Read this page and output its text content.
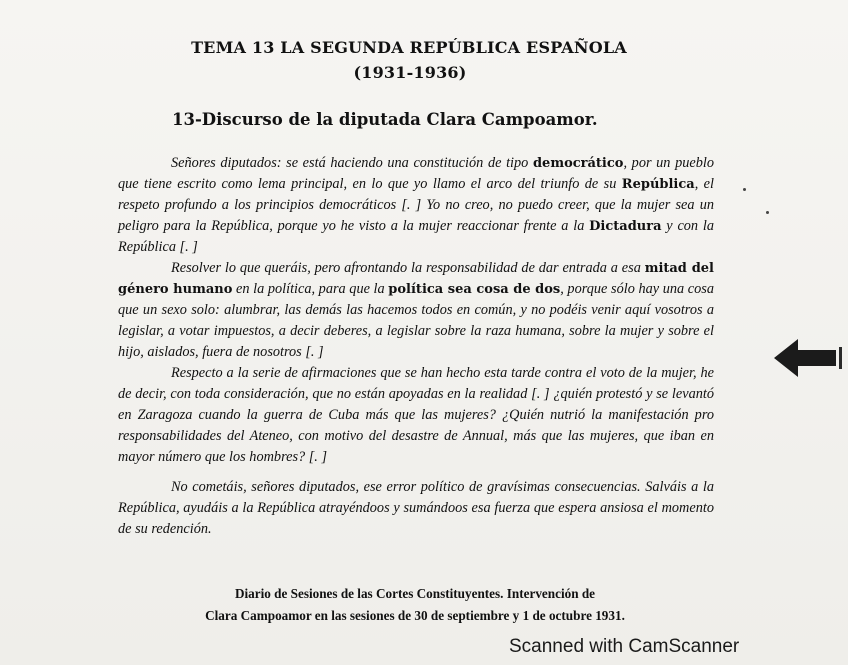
TEMA 13 LA SEGUNDA REPÚBLICA ESPAÑOLA
(1931-1936)
13-Discurso de la diputada Clara Campoamor.

Señores diputados: se está haciendo una constitución de tipo democrático, por un pueblo que tiene escrito como lema principal, en lo que yo llamo el arco del triunfo de su República, el respeto profundo a los principios democráticos [. ] Yo no creo, no puedo creer, que la mujer sea un peligro para la República, porque yo he visto a la mujer reaccionar frente a la Dictadura y con la República [. ]

Resolver lo que queráis, pero afrontando la responsabilidad de dar entrada a esa mitad del género humano en la política, para que la política sea cosa de dos, porque sólo hay una cosa que un sexo solo: alumbrar, las demás las hacemos todos en común, y no podéis venir aquí vosotros a legislar, a votar impuestos, a decir deberes, a legislar sobre la raza humana, sobre la mujer y sobre el hijo, aislados, fuera de nosotros [. ]

Respecto a la serie de afirmaciones que se han hecho esta tarde contra el voto de la mujer, he de decir, con toda consideración, que no están apoyadas en la realidad [. ] ¿quién protestó y se levantó en Zaragoza cuando la guerra de Cuba más que las mujeres? ¿Quién nutrió la manifestación pro responsabilidades del Ateneo, con motivo del desastre de Annual, más que las mujeres, que iban en mayor número que los hombres? [. ]

No cometáis, señores diputados, ese error político de gravísimas consecuencias. Salváis a la República, ayudáis a la República atrayéndoos y sumándoos esa fuerza que espera ansiosa el momento de su redención.

Diario de Sesiones de las Cortes Constituyentes. Intervención de
Clara Campoamor en las sesiones de 30 de septiembre y 1 de octubre 1931.
Scanned with CamScanner
